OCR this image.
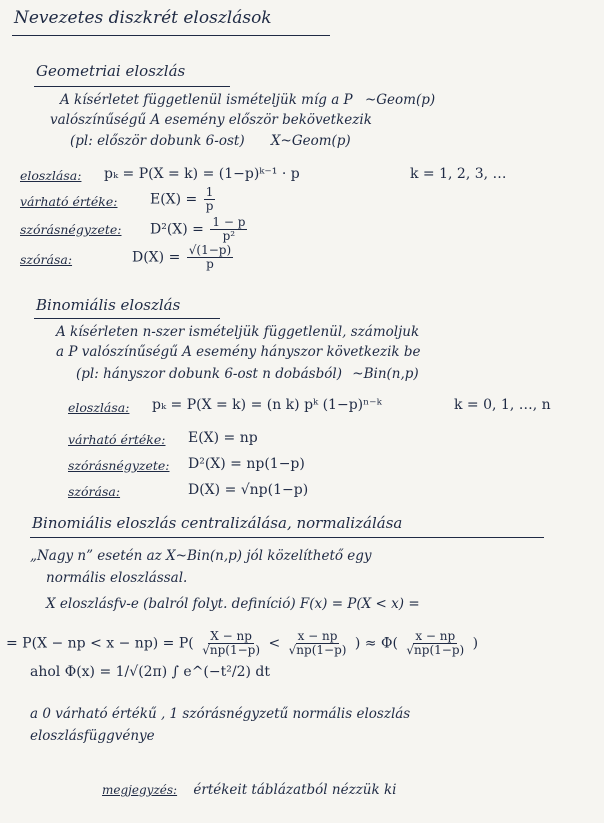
Nevezetes diszkrét eloszlások
Geometriai eloszlás
A kísérletet függetlenül ismételjük míg a P ~Geom(p)
valószínűségű A esemény először bekövetkezik
(pl: először dobunk 6-ost) X~Geom(p)
eloszlása: pₖ = P(X = k) = (1−p)ᵏ⁻¹ · p	k = 1, 2, 3, …
várható értéke: $E(X) = \frac{1}{p}$
szórásnégyzete: $D^2(X) = \frac{1 - p}{\text{p²}}$
szórása:	$D(X) = \frac{√(1-p)}{p}$
Binomiális eloszlás
A kísérleten n-szer ismételjük függetlenül, számoljuk
a P valószínűségű A esemény hányszor következik be
(pl: hányszor dobunk 6-ost n dobásból) ~Bin(n,p)
eloszlása: pₖ = P(X = k) = (n k) pᵏ (1−p)ⁿ⁻ᵏ	k = 0, 1, …, n
várható értéke: E(X) = np
szórásnégyzete: D²(X) = np(1−p)
szórása:	D(X) = √np(1−p)
Binomiális eloszlás centralizálása, normalizálása
„Nagy n” esetén az X~Bin(n,p) jól közelíthető egy
normális eloszlással.
X eloszlásfv-e (balról folyt. definíció) F(x) = P(X < x) =
= P(X − np < $x - np) = P( \frac{X - np}{√np(1-p)} < \frac{x - np}{√np(1-p)}$ ) ≈ $\Phi( \frac{x - np}{√np(1-p)}$ )
ahol Φ(x) = 1/√(2π) ∫ e^(−t²/2) dt
a 0 várható értékű , 1 szórásnégyzetű normális eloszlás
eloszlásfüggvénye
megjegyzés: értékeit táblázatból nézzük ki
